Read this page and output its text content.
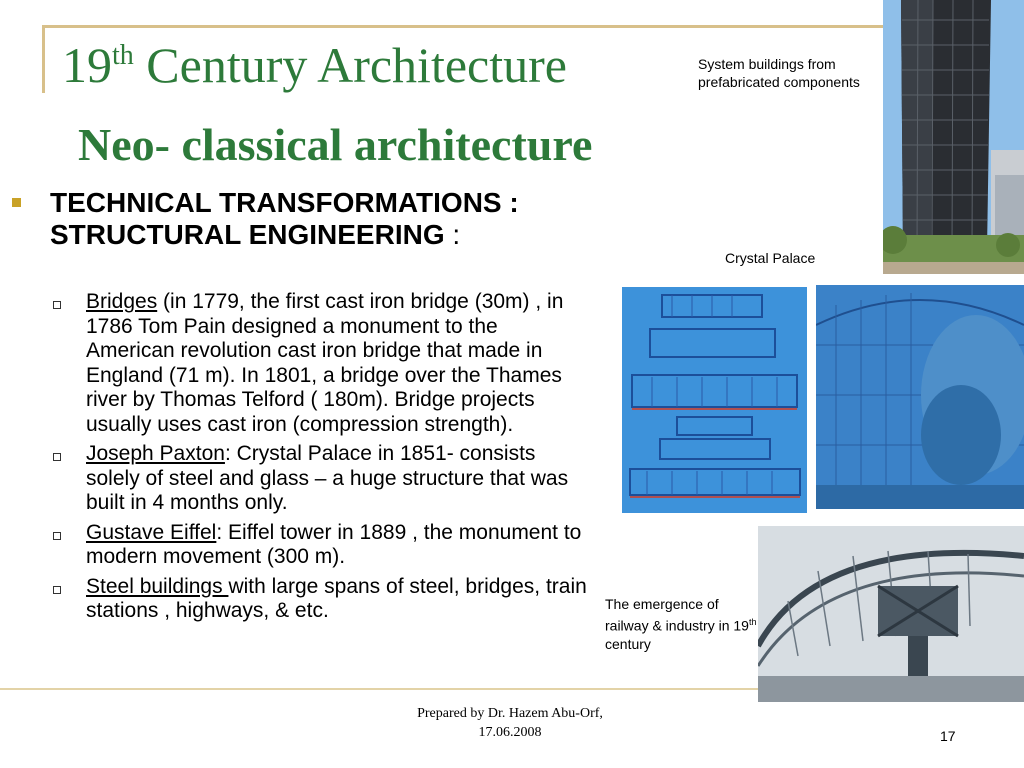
19th Century Architecture
Neo- classical architecture
System buildings from prefabricated components
Crystal Palace
The emergence of railway & industry in 19th century
TECHNICAL TRANSFORMATIONS : STRUCTURAL ENGINEERING :
Bridges (in 1779, the first cast iron bridge (30m) , in 1786 Tom Pain designed a monument to the American revolution cast iron bridge that made in England (71 m). In 1801, a bridge over the Thames river by Thomas Telford ( 180m). Bridge projects usually uses cast iron (compression strength).
Joseph Paxton: Crystal Palace in 1851- consists solely of steel and glass – a huge structure that was built in 4 months only.
Gustave Eiffel: Eiffel tower in 1889 , the monument to modern movement (300 m).
Steel buildings with large spans of steel, bridges, train stations , highways, & etc.
Prepared by Dr. Hazem Abu-Orf,
17.06.2008	17
